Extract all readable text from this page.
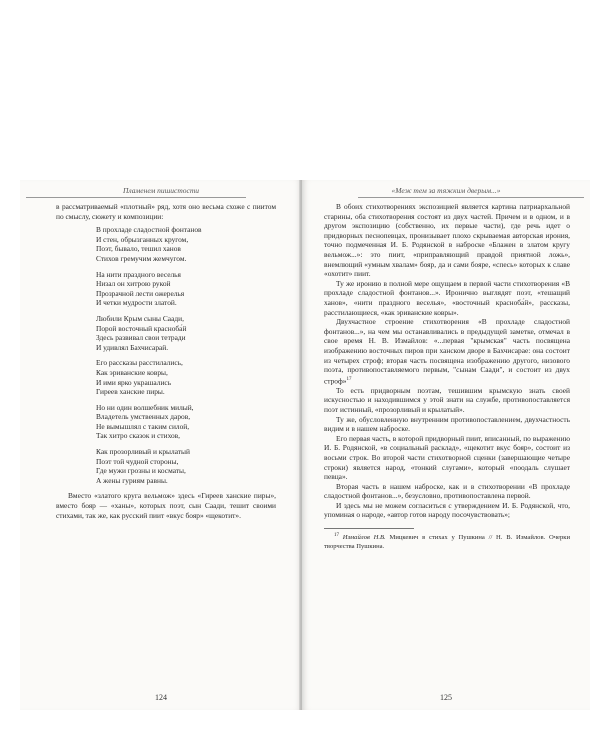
Пламенем пишистости

в рассматриваемый «плотный» ряд, хотя оно весьма схоже с пиитом по смыслу, сюжету и композиции:

В прохладе сладостной фонтанов
И стен, обрызганных кругом,
Поэт, бывало, тешил ханов
Стихов гремучим жемчугом.
На нити праздного веселья
Низал он хитрою рукой
Прозрачной лести ожерелья
И четки мудрости златой.
Любили Крым сыны Саади,
Порой восточный красноба́й
Здесь развивал свои тетради
И удивлял Бахчисарай.
Его рассказы расстилались,
Как эриванские ковры,
И ими ярко украшались
Гиреев ханские пиры.
Но ни один волшебник милый,
Владетель умственных даров,
Не вымышлял с таким силой,
Так хитро сказок и стихов,
Как прозорливый и крылатый
Поэт той чудной стороны,
Где мужи грозны и косматы,
А жены гуриям равны.

Вместо «златого круга вельмож» здесь «Гиреев ханские пиры», вместо бояр — «ханы», которых поэт, сын Саади, тешит своими стихами, так же, как русский пиит «вкус бояр» «щекотит».

124
«Меж тем за тяжким дверым...»

В обоих стихотворениях экспозицией является картина патриархальной старины, оба стихотворения состоят из двух частей. Причем и в одном, и в другом экспозицию (собственно, их первые части), где речь идет о придворных песнопевцах, пронизывает плохо скрываемая авторская ирония, точно подмеченная И. Б. Родянской в наброске «Блажен в златом кругу вельмож...»: это пиит, «приправляющий правдой приятной ложь», внемлющий «умным хвалам» бояр, да и сами бояре, «спесь» которых к славе «охотит» пиит.

Ту же иронию в полной мере ощущаем в первой части стихотворения «В прохладе сладостной фонтанов...». Иронично выглядят поэт, «тешащий ханов», «нити праздного веселья», «восточный красноба́й», рассказы, расстилающиеся, «как эриванские ковры».

Двухчастное строение стихотворения «В прохладе сладостной фонтанов...», на чем мы останавливались в предыдущей заметке, отмечал в свое время Н. В. Измайлов: «...первая "крымская" часть посвящена изображению восточных пиров при ханском дворе в Бахчисарае: она состоит из четырех строф; вторая часть посвящена изображению другого, низового поэта, противопоставляемого первым, "сынам Саади", и состоит из двух строф»$^{17}$

То есть придворным поэтам, тешившим крымскую знать своей искусностью и находившимся у этой знати на службе, противопоставляется поэт истинный, «прозорливый и крылатый».

Ту же, обусловленную внутренним противопоставлением, двухчастность видим и в нашем наброске.

Его первая часть, в которой придворный пиит, вписанный, по выражению И. Б. Родянской, «в социальный расклад», «щекотит вкус бояр», состоит из восьми строк. Во второй части стихотворной сценки (завершающие четыре строки) является народ, «тонкий слугами», который «поодаль слушает певца».

Вторая часть в нашем наброске, как и в стихотворении «В прохладе сладостной фонтанов...», безусловно, противопоставлена первой.

И здесь мы не можем согласиться с утверждением И. Б. Родянской, что, упоминая о народе, «автор готов народу посочувствовать»;

$^{17}$ Измайлов Н.В. Мицкевич в стихах у Пушкина // Н. В. Измайлов. Очерки творчества Пушкина.

125
